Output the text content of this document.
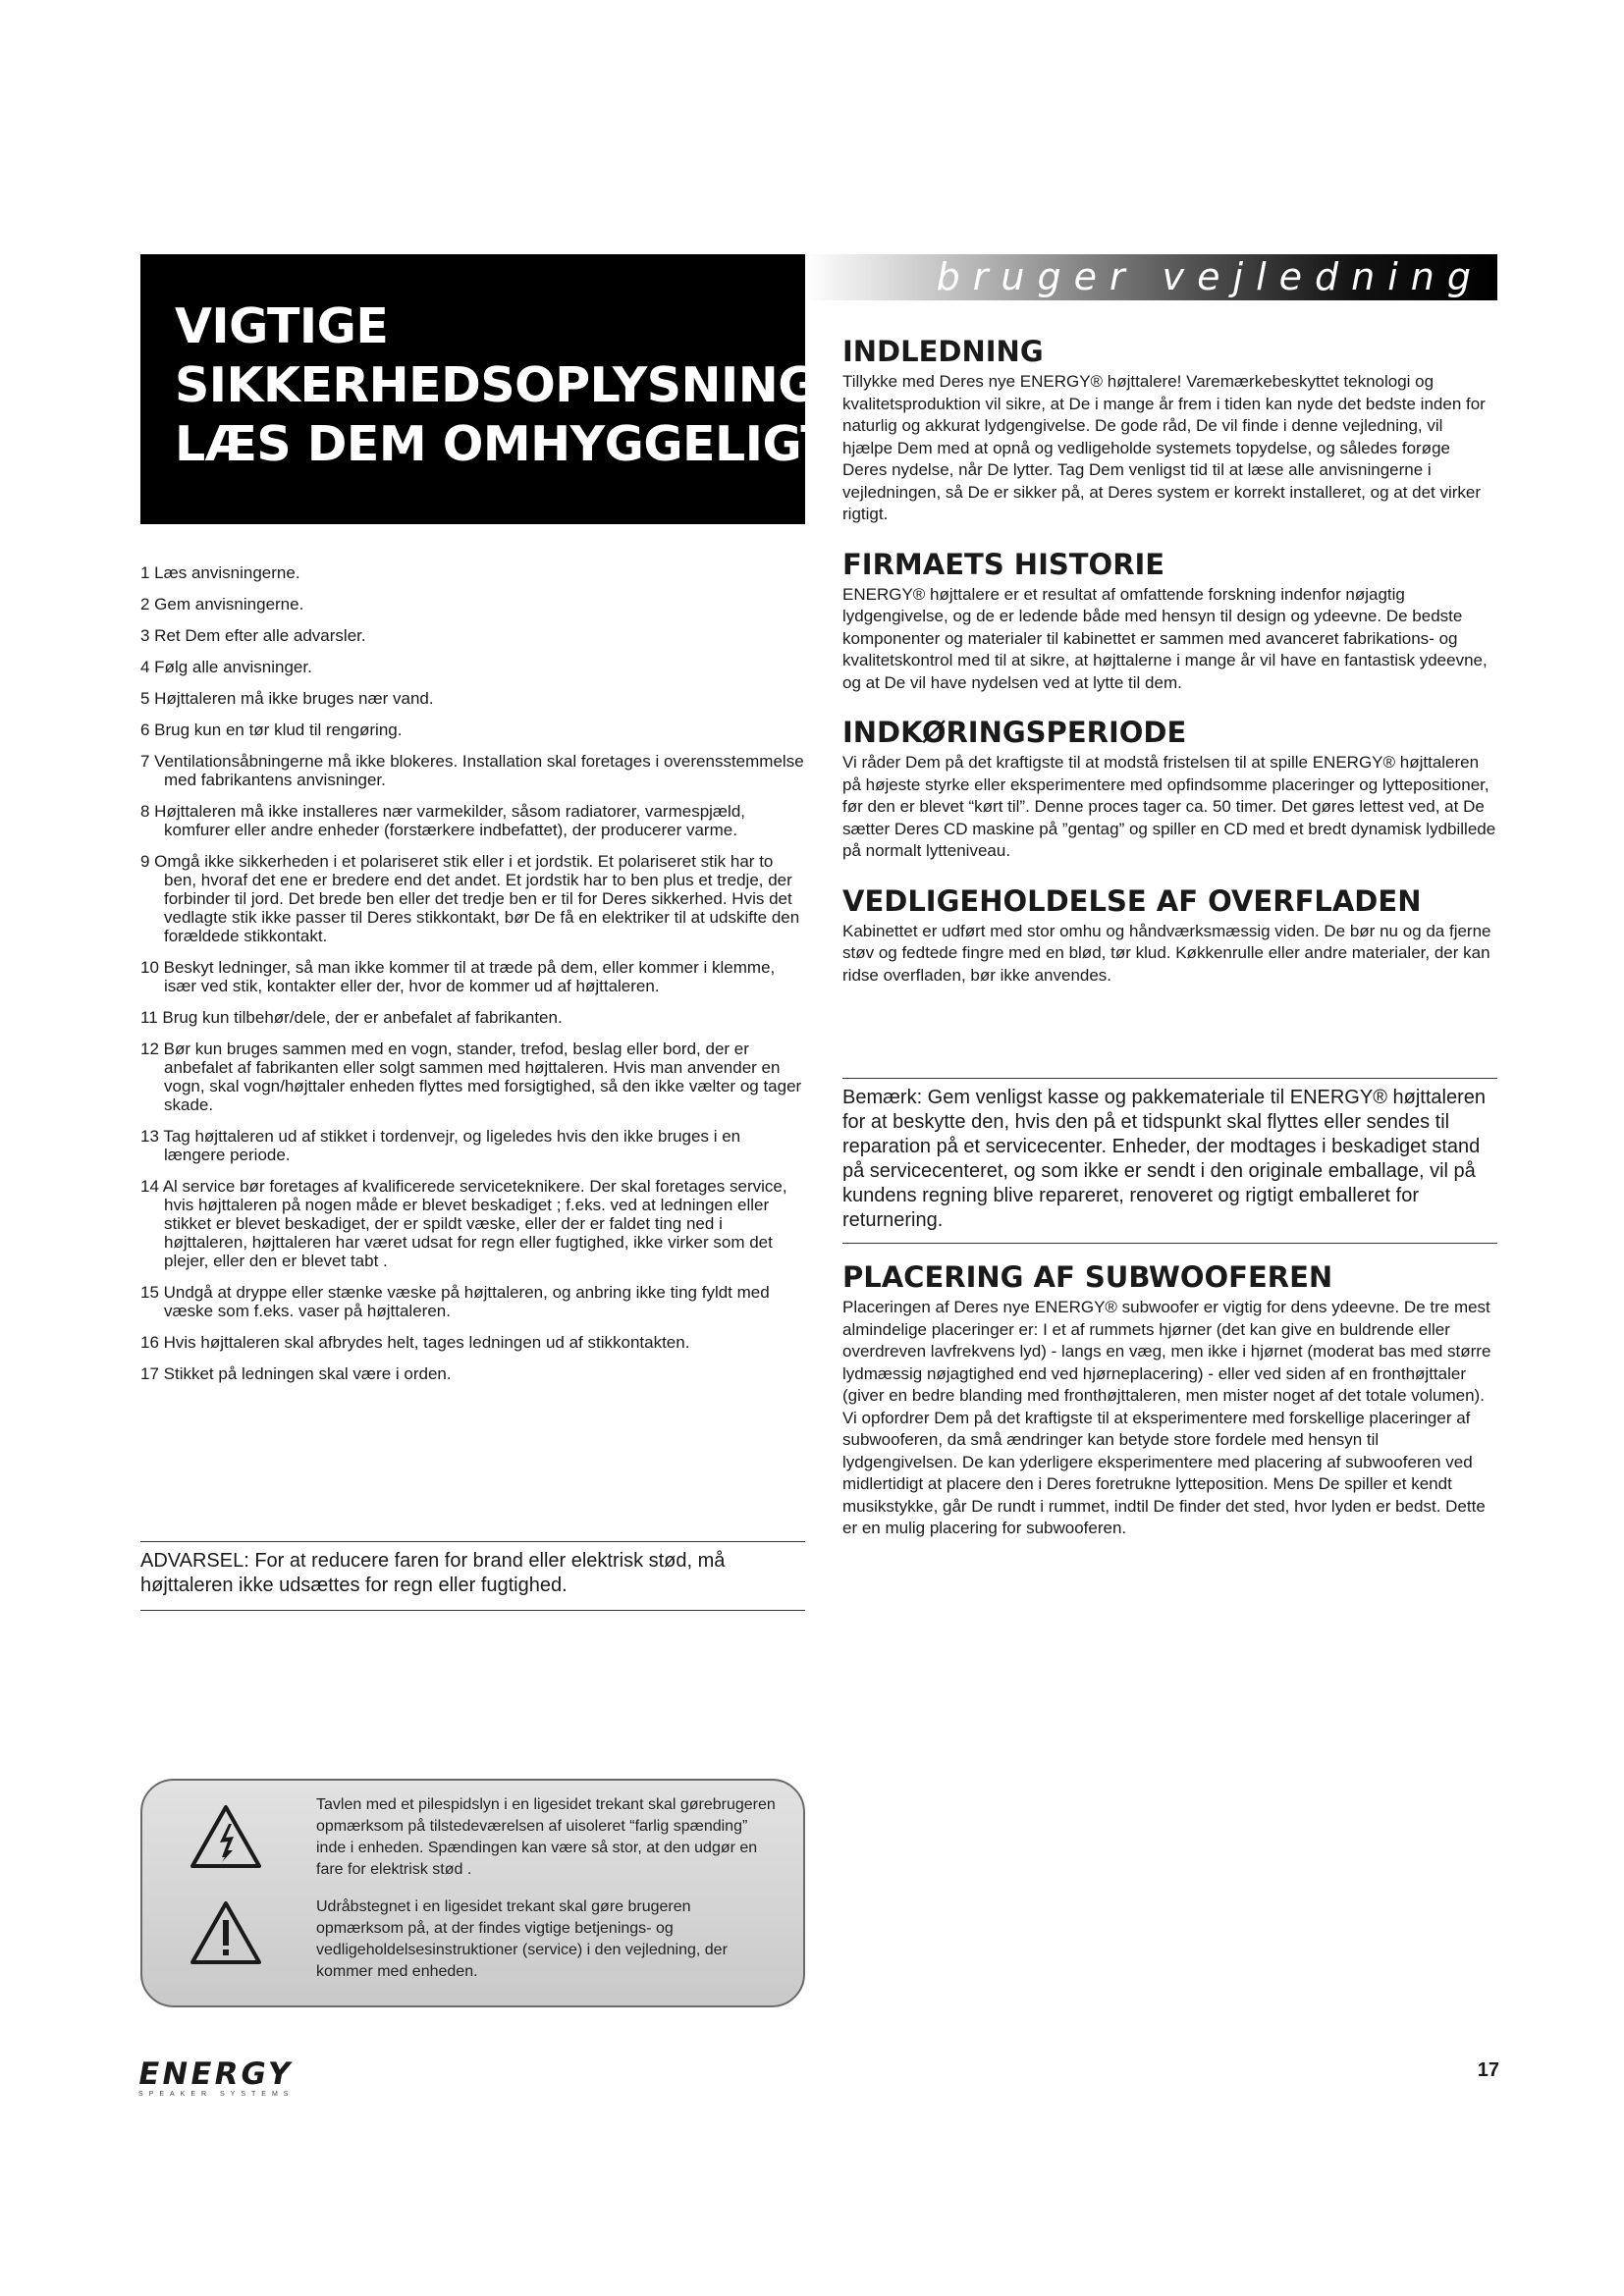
VIGTIGE
SIKKERHEDSOPLYSNINGER
LÆS DEM OMHYGGELIGT
bruger vejledning
1 Læs anvisningerne.
2 Gem anvisningerne.
3 Ret Dem efter alle advarsler.
4 Følg alle anvisninger.
5 Højttaleren må ikke bruges nær vand.
6 Brug kun en tør klud til rengøring.
7 Ventilationsåbningerne må ikke blokeres. Installation skal foretages i overensstemmelse med fabrikantens anvisninger.
8 Højttaleren må ikke installeres nær varmekilder, såsom radiatorer, varmespjæld, komfurer eller andre enheder (forstærkere indbefattet), der producerer varme.
9 Omgå ikke sikkerheden i et polariseret stik eller i et jordstik. Et polariseret stik har to ben, hvoraf det ene er bredere end det andet. Et jordstik har to ben plus et tredje, der forbinder til jord. Det brede ben eller det tredje ben er til for Deres sikkerhed. Hvis det vedlagte stik ikke passer til Deres stikkontakt, bør De få en elektriker til at udskifte den forældede stikkontakt.
10 Beskyt ledninger, så man ikke kommer til at træde på dem, eller kommer i klemme, især ved stik, kontakter eller der, hvor de kommer ud af højttaleren.
11 Brug kun tilbehør/dele, der er anbefalet af fabrikanten.
12 Bør kun bruges sammen med en vogn, stander, trefod, beslag eller bord, der er anbefalet af fabrikanten eller solgt sammen med højttaleren. Hvis man anvender en vogn, skal vogn/højttaler enheden flyttes med forsigtighed, så den ikke vælter og tager skade.
13 Tag højttaleren ud af stikket i tordenvejr, og ligeledes hvis den ikke bruges i en længere periode.
14 Al service bør foretages af kvalificerede serviceteknikere. Der skal foretages service, hvis højttaleren på nogen måde er blevet beskadiget ; f.eks. ved at ledningen eller stikket er blevet beskadiget, der er spildt væske, eller der er faldet ting ned i højttaleren, højttaleren har været udsat for regn eller fugtighed, ikke virker som det plejer, eller den er blevet tabt .
15 Undgå at dryppe eller stænke væske på højttaleren, og anbring ikke ting fyldt med væske som f.eks. vaser på højttaleren.
16 Hvis højttaleren skal afbrydes helt, tages ledningen ud af stikkontakten.
17 Stikket på ledningen skal være i orden.
ADVARSEL: For at reducere faren for brand eller elektrisk stød, må højttaleren ikke udsættes for regn eller fugtighed.
INDLEDNING

Tillykke med Deres nye ENERGY® højttalere! Varemærkebeskyttet teknologi og kvalitetsproduktion vil sikre, at De i mange år frem i tiden kan nyde det bedste inden for naturlig og akkurat lydgengivelse. De gode råd, De vil finde i denne vejledning, vil hjælpe Dem med at opnå og vedligeholde systemets topydelse, og således forøge Deres nydelse, når De lytter. Tag Dem venligst tid til at læse alle anvisningerne i vejledningen, så De er sikker på, at Deres system er korrekt installeret, og at det virker rigtigt.

FIRMAETS HISTORIE

ENERGY® højttalere er et resultat af omfattende forskning indenfor nøjagtig lydgengivelse, og de er ledende både med hensyn til design og ydeevne. De bedste komponenter og materialer til kabinettet er sammen med avanceret fabrikations- og kvalitetskontrol med til at sikre, at højttalerne i mange år vil have en fantastisk ydeevne, og at De vil have nydelsen ved at lytte til dem.

INDKØRINGSPERIODE

Vi råder Dem på det kraftigste til at modstå fristelsen til at spille ENERGY® højttaleren på højeste styrke eller eksperimentere med opfindsomme placeringer og lyttepositioner, før den er blevet “kørt til”. Denne proces tager ca. 50 timer. Det gøres lettest ved, at De sætter Deres CD maskine på ”gentag” og spiller en CD med et bredt dynamisk lydbillede på normalt lytteniveau.

VEDLIGEHOLDELSE AF OVERFLADEN

Kabinettet er udført med stor omhu og håndværksmæssig viden. De bør nu og da fjerne støv og fedtede fingre med en blød, tør klud. Køkkenrulle eller andre materialer, der kan ridse overfladen, bør ikke anvendes.

Bemærk: Gem venligst kasse og pakkemateriale til ENERGY® højttaleren for at beskytte den, hvis den på et tidspunkt skal flyttes eller sendes til reparation på et servicecenter. Enheder, der modtages i beskadiget stand på servicecenteret, og som ikke er sendt i den originale emballage, vil på kundens regning blive repareret, renoveret og rigtigt emballeret for returnering.
PLACERING AF SUBWOOFEREN

Placeringen af Deres nye ENERGY® subwoofer er vigtig for dens ydeevne. De tre mest almindelige placeringer er: I et af rummets hjørner (det kan give en buldrende eller overdreven lavfrekvens lyd) - langs en væg, men ikke i hjørnet (moderat bas med større lydmæssig nøjagtighed end ved hjørneplacering) - eller ved siden af en fronthøjttaler (giver en bedre blanding med fronthøjttaleren, men mister noget af det totale volumen). Vi opfordrer Dem på det kraftigste til at eksperimentere med forskellige placeringer af subwooferen, da små ændringer kan betyde store fordele med hensyn til lydgengivelsen. De kan yderligere eksperimentere med placering af subwooferen ved midlertidigt at placere den i Deres foretrukne lytteposition. Mens De spiller et kendt musikstykke, går De rundt i rummet, indtil De finder det sted, hvor lyden er bedst. Dette er en mulig placering for subwooferen.

Tavlen med et pilespidslyn i en ligesidet trekant skal gørebrugeren opmærksom på tilstedeværelsen af uisoleret “farlig spænding” inde i enheden. Spændingen kan være så stor, at den udgør en fare for elektrisk stød .
Udråbstegnet i en ligesidet trekant skal gøre brugeren opmærksom på, at der findes vigtige betjenings- og vedligeholdelsesinstruktioner (service) i den vejledning, der kommer med enheden.
ENERGY
SPEAKER SYSTEMS
17
